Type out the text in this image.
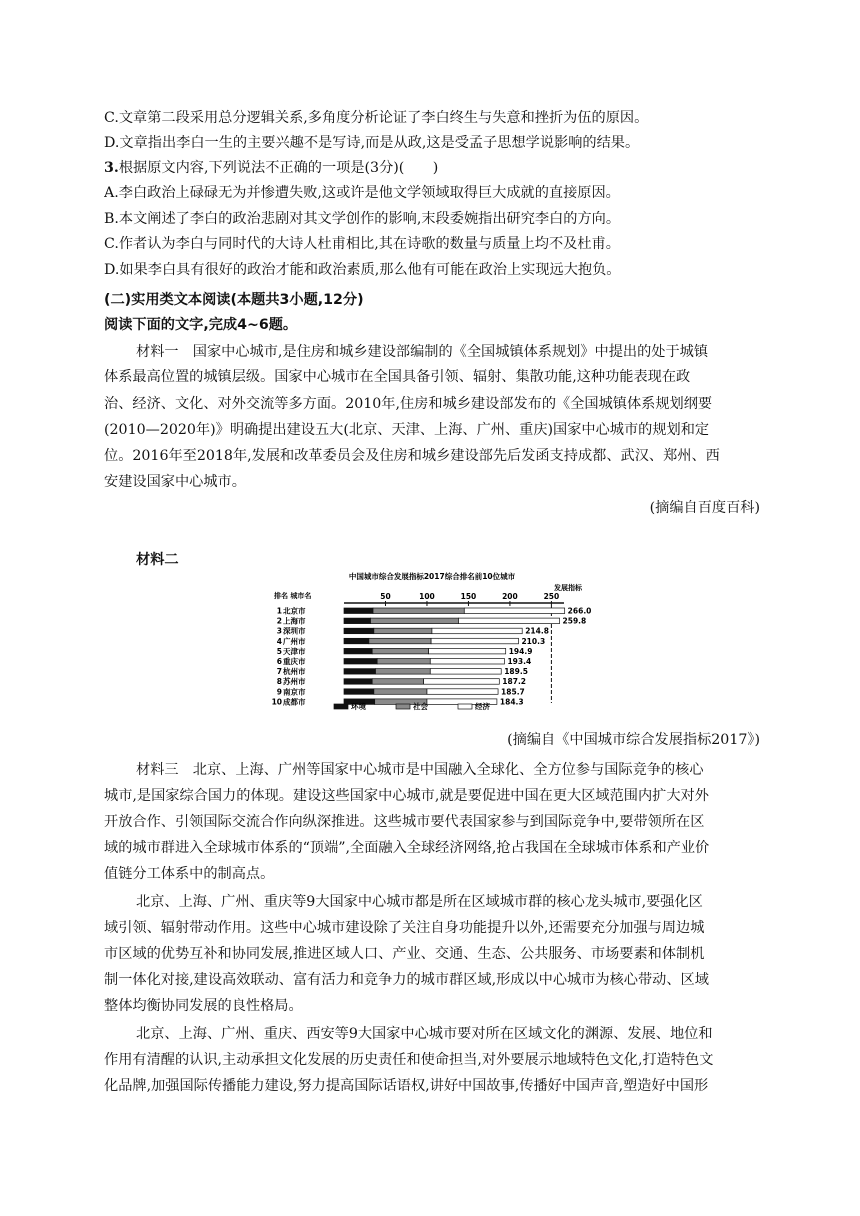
C.文章第二段采用总分逻辑关系,多角度分析论证了李白终生与失意和挫折为伍的原因。
D.文章指出李白一生的主要兴趣不是写诗,而是从政,这是受孟子思想学说影响的结果。
3.根据原文内容,下列说法不正确的一项是(3分)(　　)
A.李白政治上碌碌无为并惨遭失败,这或许是他文学领域取得巨大成就的直接原因。
B.本文阐述了李白的政治悲剧对其文学创作的影响,末段委婉指出研究李白的方向。
C.作者认为李白与同时代的大诗人杜甫相比,其在诗歌的数量与质量上均不及杜甫。
D.如果李白具有很好的政治才能和政治素质,那么他有可能在政治上实现远大抱负。
(二)实用类文本阅读(本题共3小题,12分)
阅读下面的文字,完成4~6题。
材料一　国家中心城市,是住房和城乡建设部编制的《全国城镇体系规划》中提出的处于城镇
体系最高位置的城镇层级。国家中心城市在全国具备引领、辐射、集散功能,这种功能表现在政
治、经济、文化、对外交流等多方面。2010年,住房和城乡建设部发布的《全国城镇体系规划纲要
(2010—2020年)》明确提出建设五大(北京、天津、上海、广州、重庆)国家中心城市的规划和定
位。2016年至2018年,发展和改革委员会及住房和城乡建设部先后发函支持成都、武汉、郑州、西
安建设国家中心城市。
(摘编自百度百科)
材料二
中国城市综合发展指标2017综合排名前10位城市
排名 城市名
发展指标
50	100	150	200	250
1 北京市	266.0
2 上海市	259.8
3 深圳市	214.8
4 广州市	210.3
5 天津市	194.9
6 重庆市	193.4
7 杭州市	189.5
8 苏州市	187.2
9 南京市	185.7
10 成都市	184.3
环境	社会	经济
(摘编自《中国城市综合发展指标2017》)
材料三　北京、上海、广州等国家中心城市是中国融入全球化、全方位参与国际竞争的核心
城市,是国家综合国力的体现。建设这些国家中心城市,就是要促进中国在更大区域范围内扩大对外
开放合作、引领国际交流合作向纵深推进。这些城市要代表国家参与到国际竞争中,要带领所在区
域的城市群进入全球城市体系的“顶端”,全面融入全球经济网络,抢占我国在全球城市体系和产业价
值链分工体系中的制高点。
北京、上海、广州、重庆等9大国家中心城市都是所在区域城市群的核心龙头城市,要强化区
域引领、辐射带动作用。这些中心城市建设除了关注自身功能提升以外,还需要充分加强与周边城
市区域的优势互补和协同发展,推进区域人口、产业、交通、生态、公共服务、市场要素和体制机
制一体化对接,建设高效联动、富有活力和竞争力的城市群区域,形成以中心城市为核心带动、区域
整体均衡协同发展的良性格局。
北京、上海、广州、重庆、西安等9大国家中心城市要对所在区域文化的渊源、发展、地位和
作用有清醒的认识,主动承担文化发展的历史责任和使命担当,对外要展示地域特色文化,打造特色文
化品牌,加强国际传播能力建设,努力提高国际话语权,讲好中国故事,传播好中国声音,塑造好中国形
